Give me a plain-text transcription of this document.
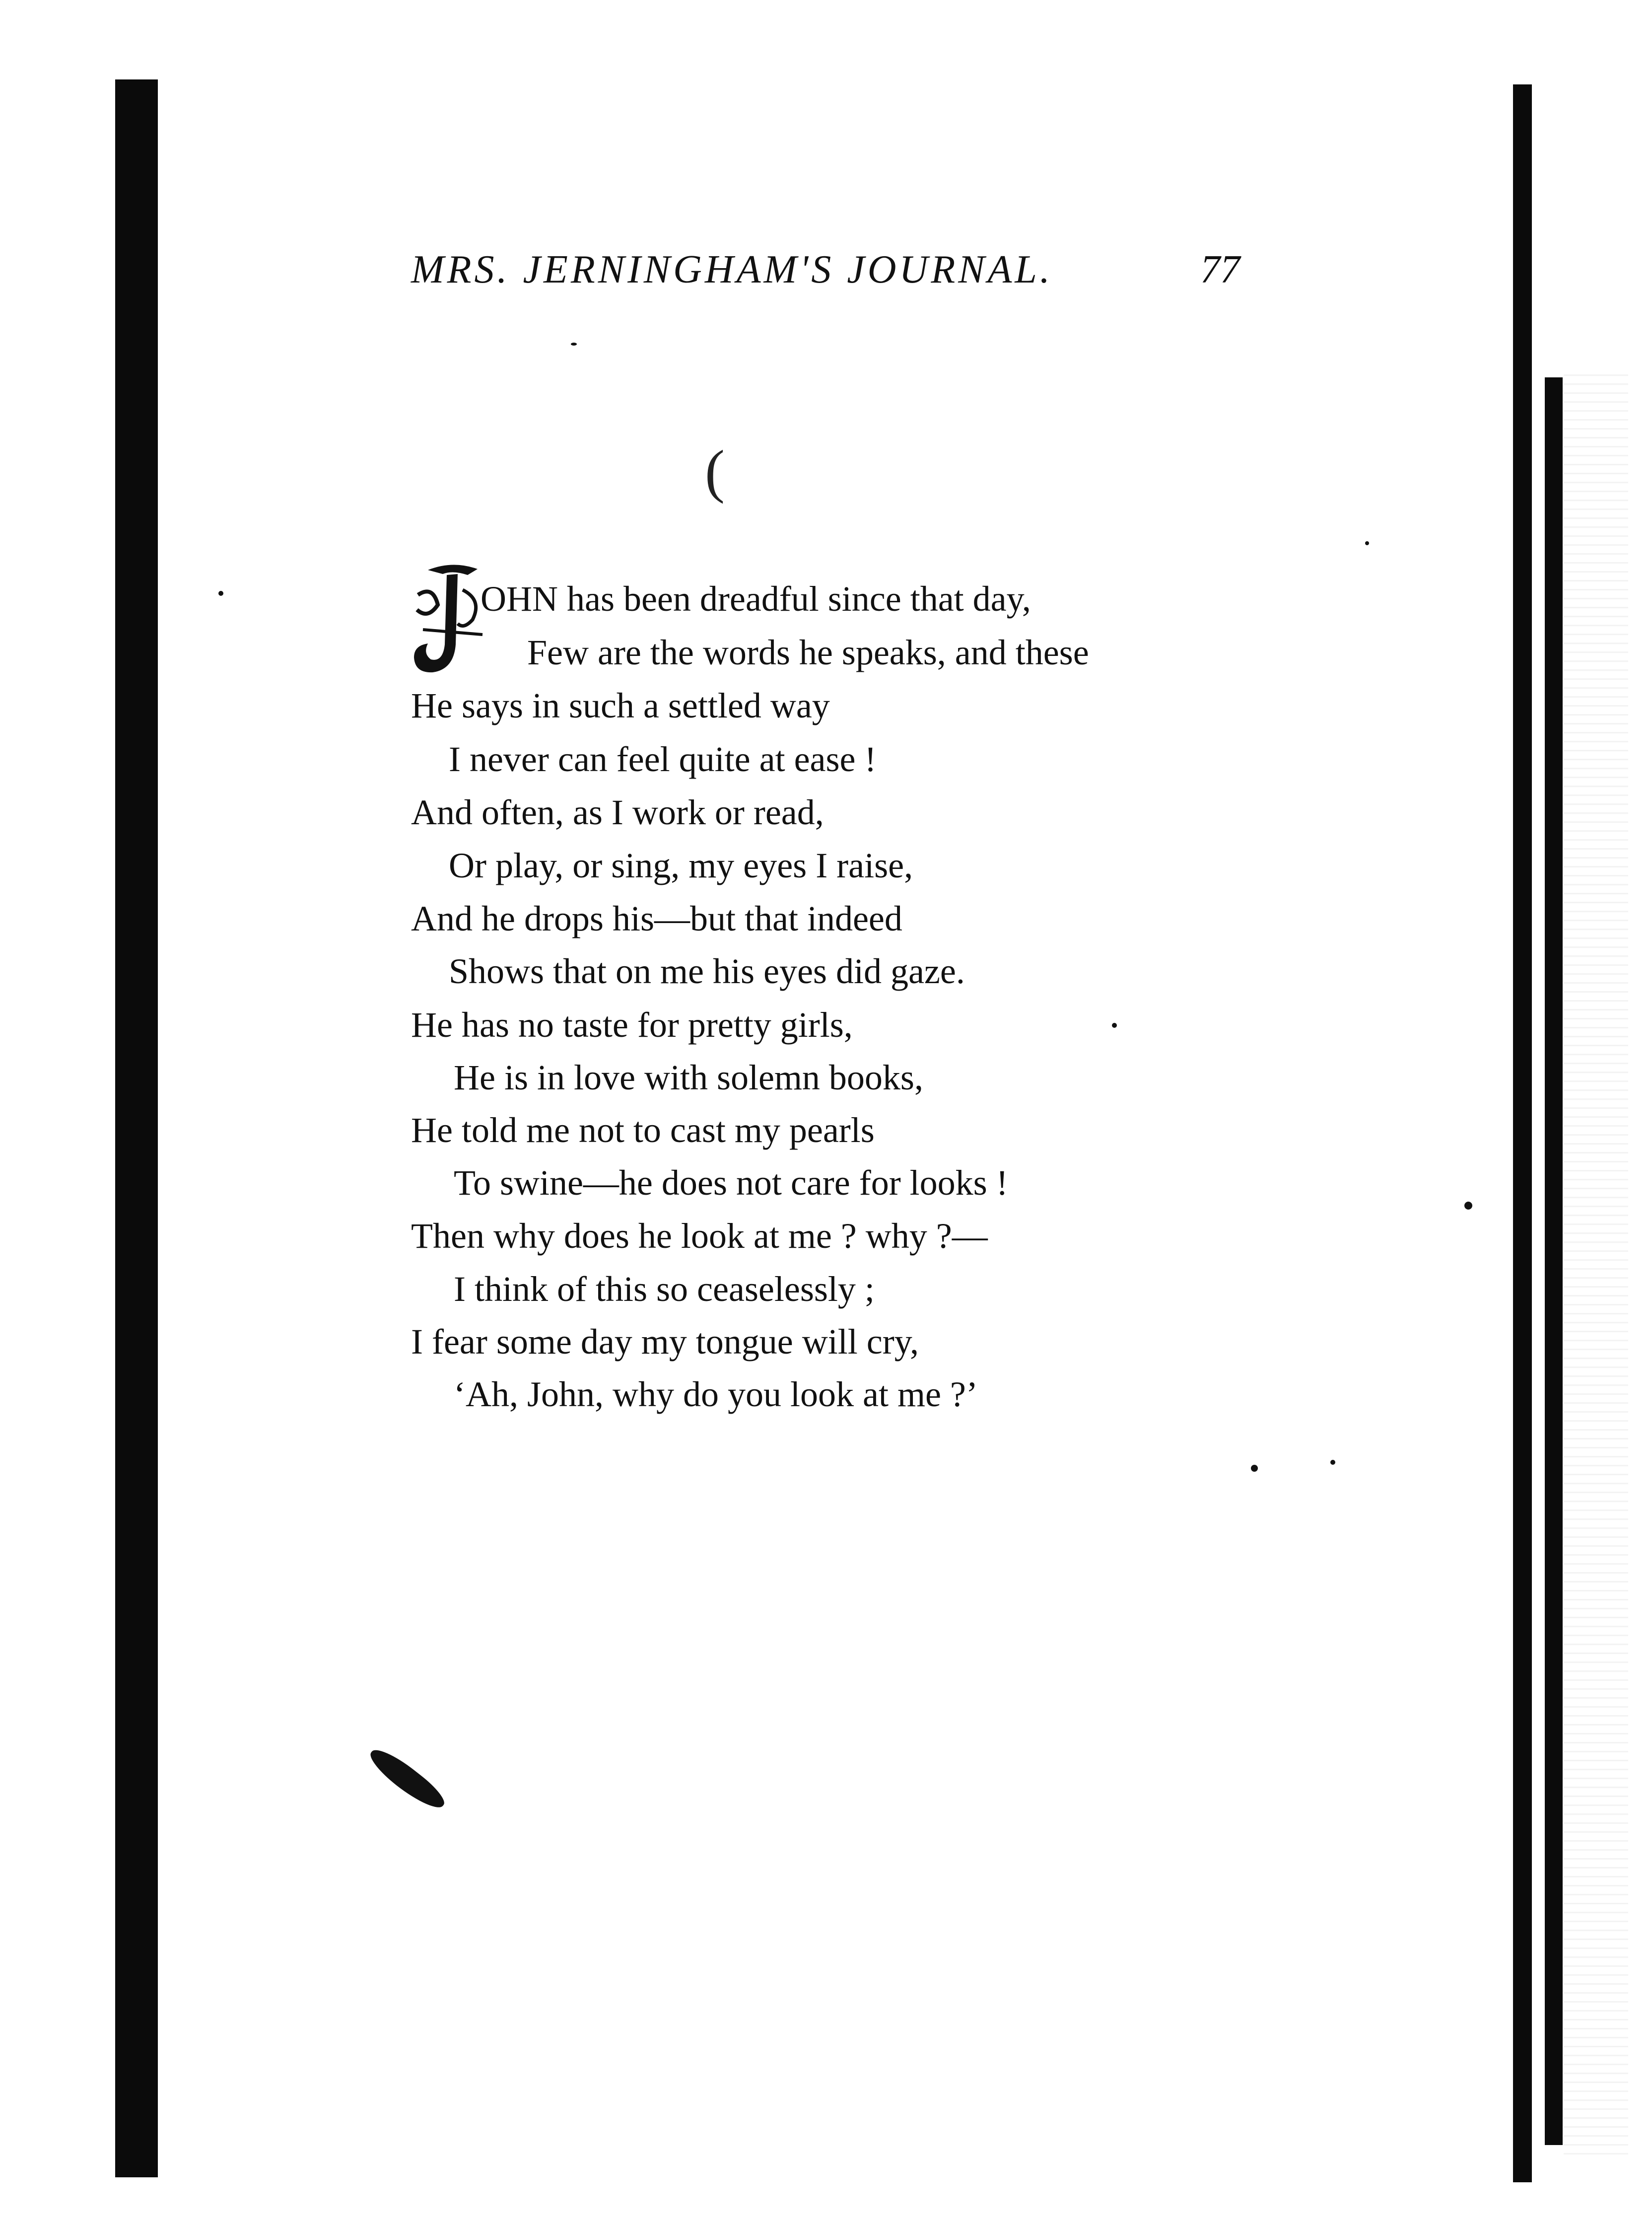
MRS. JERNINGHAM'S JOURNAL.	77
(
J OHN has been dreadful since that day,
Few are the words he speaks, and these
He says in such a settled way
I never can feel quite at ease !
And often, as I work or read,
Or play, or sing, my eyes I raise,
And he drops his—but that indeed
Shows that on me his eyes did gaze.
He has no taste for pretty girls,
He is in love with solemn books,
He told me not to cast my pearls
To swine—he does not care for looks !
Then why does he look at me ? why ?—
I think of this so ceaselessly ;
I fear some day my tongue will cry,
‘Ah, John, why do you look at me ?’
